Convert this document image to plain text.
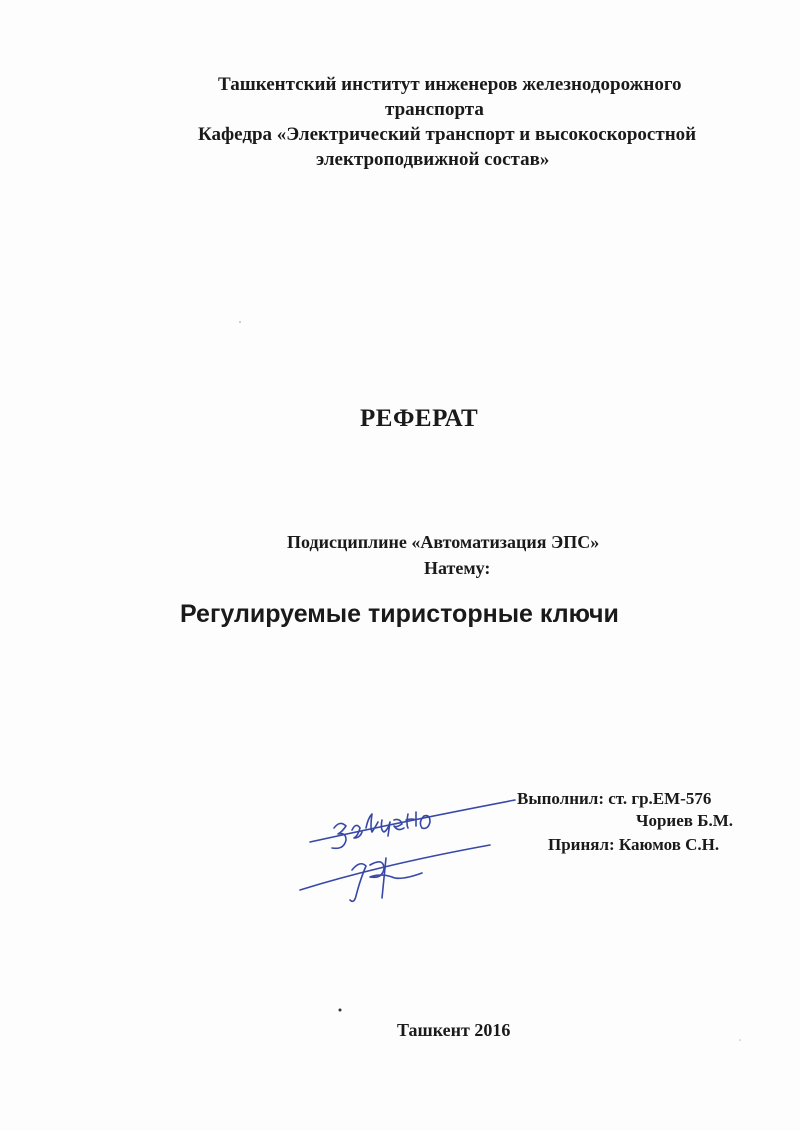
Ташкентский институт инженеров железнодорожного
транспорта
Кафедра «Электрический транспорт и высокоскоростной
электроподвижной состав»
РЕФЕРАТ
Подисциплине «Автоматизация ЭПС»
Натему:
Регулируемые тиристорные ключи
Выполнил: ст. гр.ЕМ-576
Чориев Б.М.
Принял: Каюмов С.Н.
Ташкент 2016
